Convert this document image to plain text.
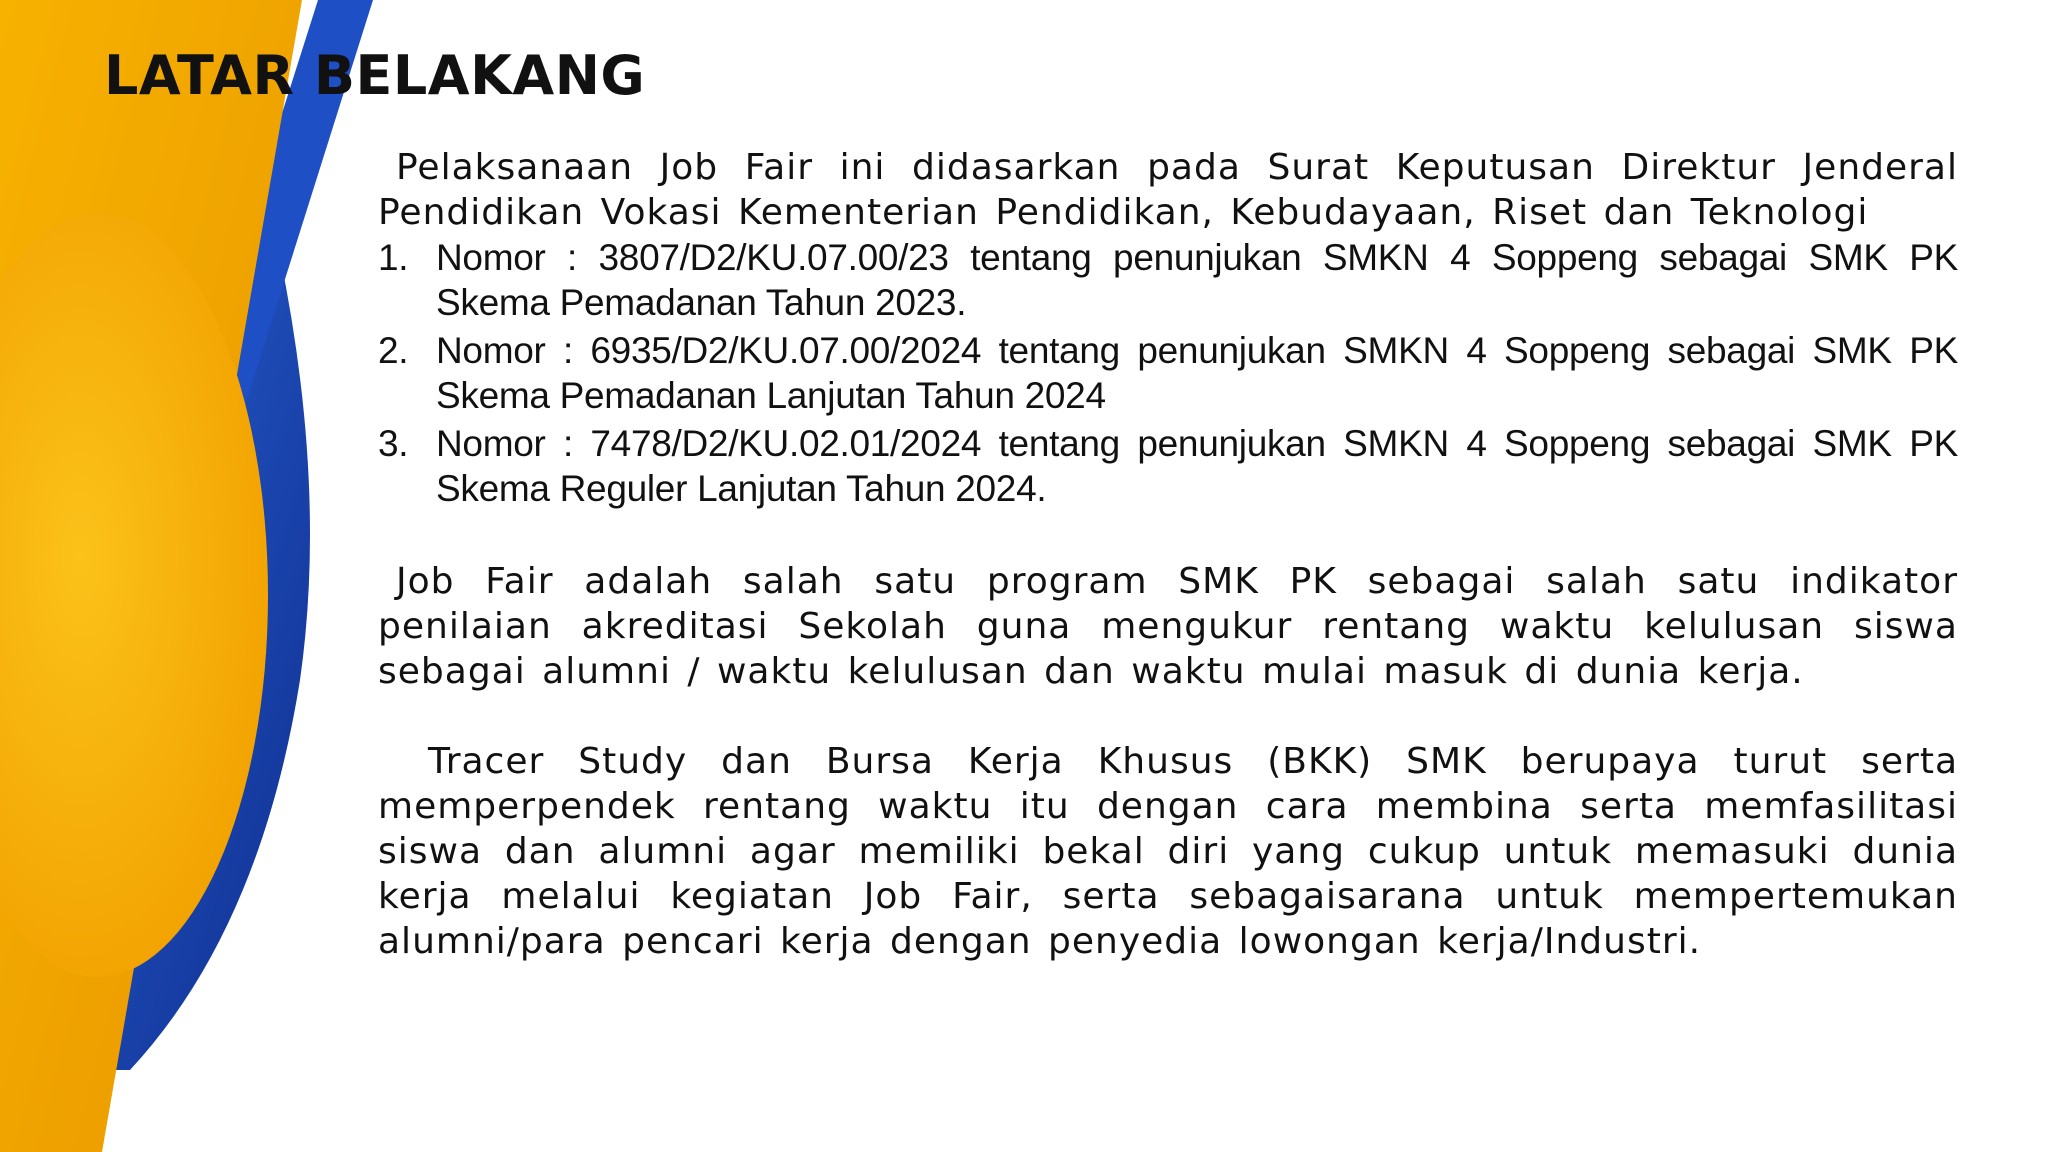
LATAR BELAKANG

Pelaksanaan Job Fair ini didasarkan pada Surat Keputusan Direktur Jenderal Pendidikan Vokasi Kementerian Pendidikan, Kebudayaan, Riset dan Teknologi

1. Nomor : 3807/D2/KU.07.00/23 tentang penunjukan SMKN 4 Soppeng sebagai SMK PK Skema Pemadanan Tahun 2023.
2. Nomor : 6935/D2/KU.07.00/2024 tentang penunjukan SMKN 4 Soppeng sebagai SMK PK Skema Pemadanan Lanjutan Tahun 2024
3. Nomor : 7478/D2/KU.02.01/2024 tentang penunjukan SMKN 4 Soppeng sebagai SMK PK Skema Reguler Lanjutan Tahun 2024.

Job Fair adalah salah satu program SMK PK sebagai salah satu indikator penilaian akreditasi Sekolah guna mengukur rentang waktu kelulusan siswa sebagai alumni / waktu kelulusan dan waktu mulai masuk di dunia kerja.

Tracer Study dan Bursa Kerja Khusus (BKK) SMK berupaya turut serta memperpendek rentang waktu itu dengan cara membina serta memfasilitasi siswa dan alumni agar memiliki bekal diri yang cukup untuk memasuki dunia kerja melalui kegiatan Job Fair, serta sebagaisarana untuk mempertemukan alumni/para pencari kerja dengan penyedia lowongan kerja/Industri.
